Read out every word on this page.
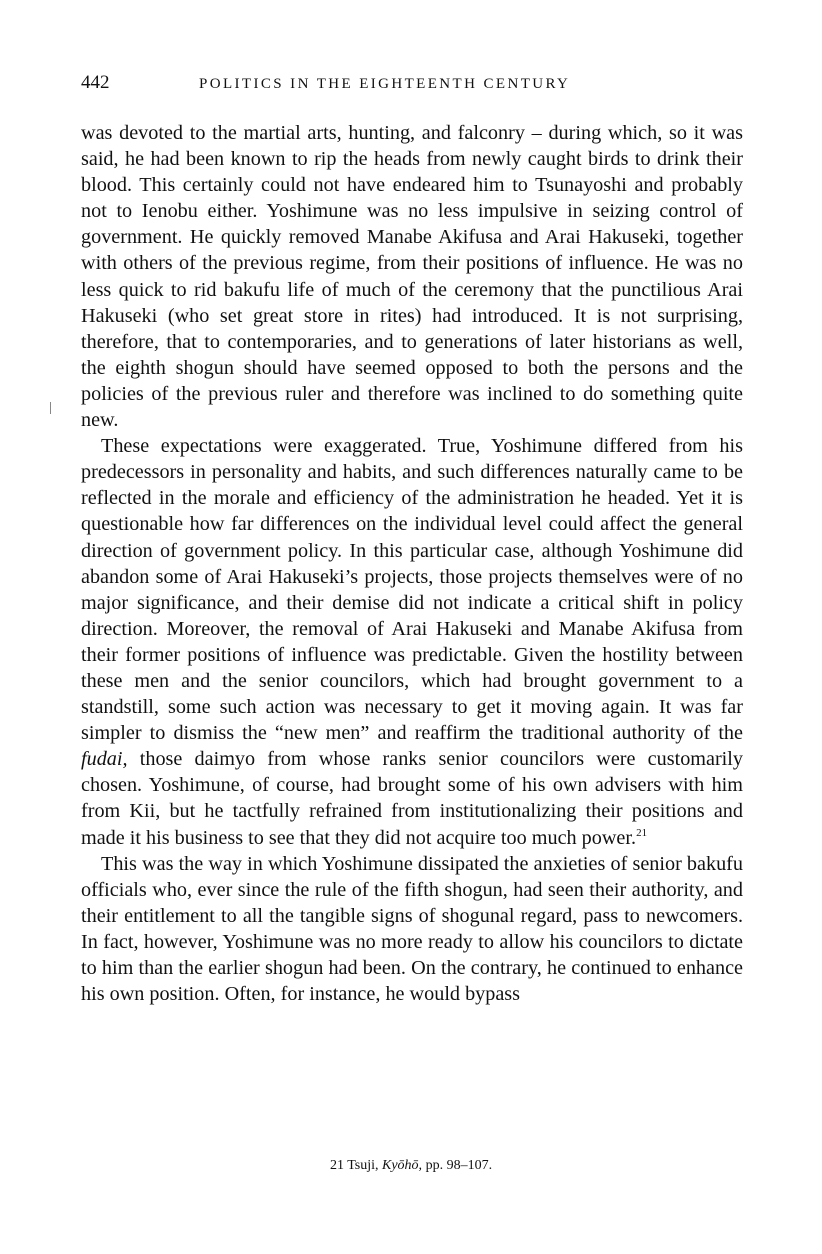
442	POLITICS IN THE EIGHTEENTH CENTURY

was devoted to the martial arts, hunting, and falconry – during which, so it was said, he had been known to rip the heads from newly caught birds to drink their blood. This certainly could not have endeared him to Tsunayoshi and probably not to Ienobu either. Yoshimune was no less impulsive in seizing control of government. He quickly removed Manabe Akifusa and Arai Hakuseki, together with others of the previous regime, from their positions of influence. He was no less quick to rid bakufu life of much of the ceremony that the punctilious Arai Hakuseki (who set great store in rites) had introduced. It is not surprising, therefore, that to contemporaries, and to generations of later historians as well, the eighth shogun should have seemed opposed to both the persons and the policies of the previous ruler and therefore was inclined to do something quite new.

These expectations were exaggerated. True, Yoshimune differed from his predecessors in personality and habits, and such differences naturally came to be reflected in the morale and efficiency of the administration he headed. Yet it is questionable how far differences on the individual level could affect the general direction of government policy. In this particular case, although Yoshimune did abandon some of Arai Hakuseki’s projects, those projects themselves were of no major significance, and their demise did not indicate a critical shift in policy direction. Moreover, the removal of Arai Hakuseki and Manabe Akifusa from their former positions of influence was predictable. Given the hostility between these men and the senior councilors, which had brought government to a standstill, some such action was necessary to get it moving again. It was far simpler to dismiss the “new men” and reaffirm the traditional authority of the fudai, those daimyo from whose ranks senior councilors were customarily chosen. Yoshimune, of course, had brought some of his own advisers with him from Kii, but he tactfully refrained from institutionalizing their positions and made it his business to see that they did not acquire too much power.$^{21}$

This was the way in which Yoshimune dissipated the anxieties of senior bakufu officials who, ever since the rule of the fifth shogun, had seen their authority, and their entitlement to all the tangible signs of shogunal regard, pass to newcomers. In fact, however, Yoshimune was no more ready to allow his councilors to dictate to him than the earlier shogun had been. On the contrary, he continued to enhance his own position. Often, for instance, he would bypass

21 Tsuji, Kyōhō, pp. 98–107.
